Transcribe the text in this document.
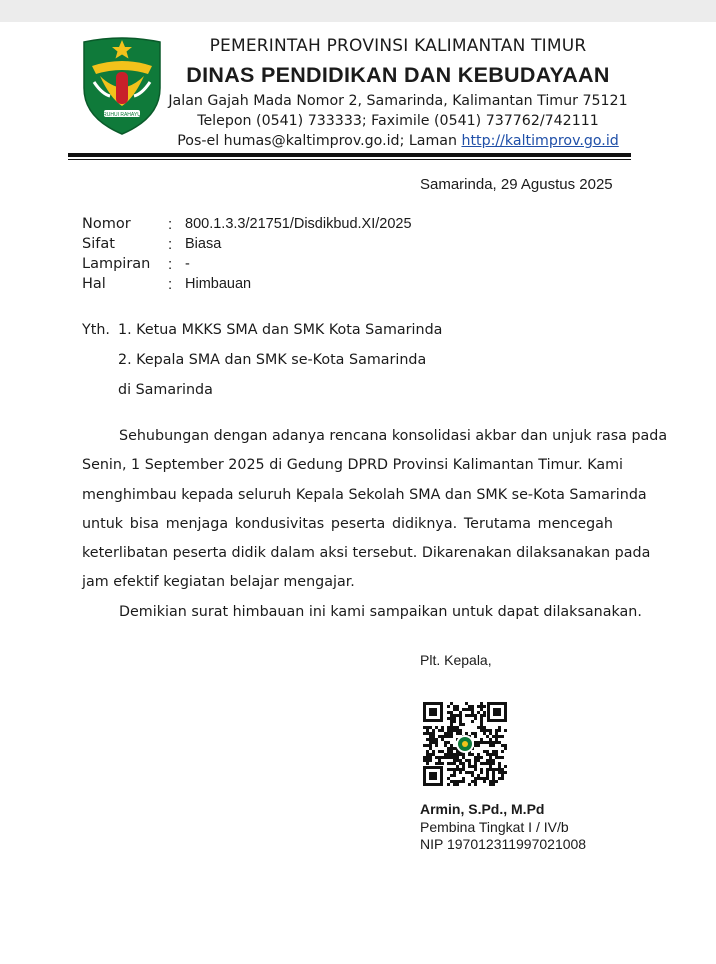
RUHUI RAHAYU
PEMERINTAH PROVINSI KALIMANTAN TIMUR
DINAS PENDIDIKAN DAN KEBUDAYAAN
Jalan Gajah Mada Nomor 2, Samarinda, Kalimantan Timur 75121
Telepon (0541) 733333; Faximile (0541) 737762/742111
Pos-el humas@kaltimprov.go.id; Laman http://kaltimprov.go.id
Samarinda, 29 Agustus 2025
Nomor : 800.1.3.3/21751/Disdikbud.XI/2025
Sifat	: Biasa
Lampiran : -
Hal	: Himbauan
Yth. 1. Ketua MKKS SMA dan SMK Kota Samarinda
2. Kepala SMA dan SMK se-Kota Samarinda
di Samarinda
Sehubungan dengan adanya rencana konsolidasi akbar dan unjuk rasa pada
Senin, 1 September 2025 di Gedung DPRD Provinsi Kalimantan Timur. Kami
menghimbau kepada seluruh Kepala Sekolah SMA dan SMK se-Kota Samarinda
untuk bisa menjaga kondusivitas peserta didiknya. Terutama mencegah
keterlibatan peserta didik dalam aksi tersebut. Dikarenakan dilaksanakan pada
jam efektif kegiatan belajar mengajar.
Demikian surat himbauan ini kami sampaikan untuk dapat dilaksanakan.
Plt. Kepala,
Armin, S.Pd., M.Pd
Pembina Tingkat I / IV/b
NIP 197012311997021008
